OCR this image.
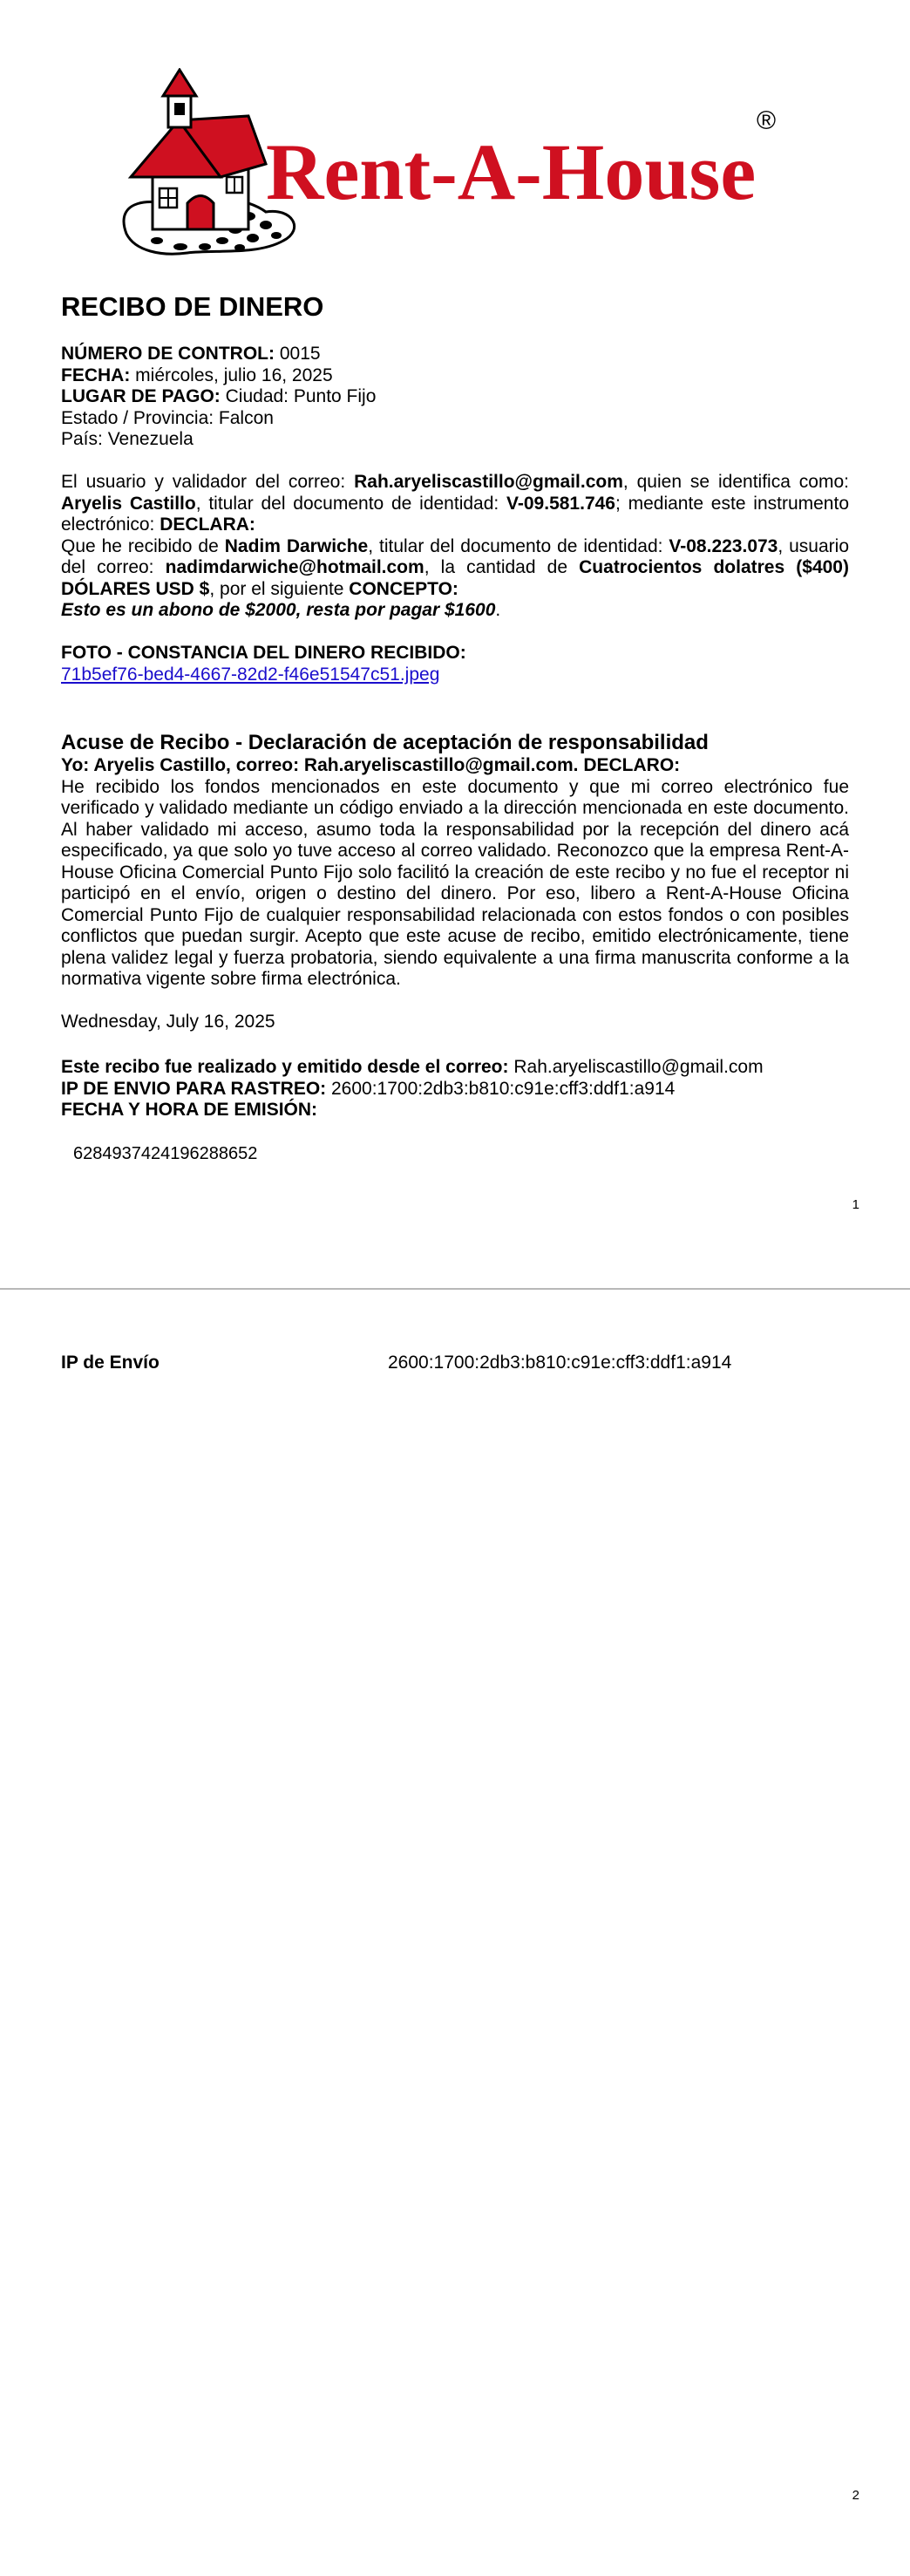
Rent-A-House
®
RECIBO DE DINERO
NÚMERO DE CONTROL: 0015
FECHA: miércoles, julio 16, 2025
LUGAR DE PAGO: Ciudad: Punto Fijo
Estado / Provincia: Falcon
País: Venezuela
El usuario y validador del correo: Rah.aryeliscastillo@gmail.com, quien se identifica como: Aryelis Castillo, titular del documento de identidad: V-09.581.746; mediante este instrumento electrónico: DECLARA:
Que he recibido de Nadim Darwiche, titular del documento de identidad: V-08.223.073, usuario del correo: nadimdarwiche@hotmail.com, la cantidad de Cuatrocientos dolatres ($400) DÓLARES USD $, por el siguiente CONCEPTO:
Esto es un abono de $2000, resta por pagar $1600.
FOTO - CONSTANCIA DEL DINERO RECIBIDO:
71b5ef76-bed4-4667-82d2-f46e51547c51.jpeg
Acuse de Recibo - Declaración de aceptación de responsabilidad
Yo: Aryelis Castillo, correo: Rah.aryeliscastillo@gmail.com. DECLARO:

He recibido los fondos mencionados en este documento y que mi correo electrónico fue verificado y validado mediante un código enviado a la dirección mencionada en este documento. Al haber validado mi acceso, asumo toda la responsabilidad por la recepción del dinero acá especificado, ya que solo yo tuve acceso al correo validado. Reconozco que la empresa Rent-A-House Oficina Comercial Punto Fijo solo facilitó la creación de este recibo y no fue el receptor ni participó en el envío, origen o destino del dinero. Por eso, libero a Rent-A-House Oficina Comercial Punto Fijo de cualquier responsabilidad relacionada con estos fondos o con posibles conflictos que puedan surgir. Acepto que este acuse de recibo, emitido electrónicamente, tiene plena validez legal y fuerza probatoria, siendo equivalente a una firma manuscrita conforme a la normativa vigente sobre firma electrónica.

Wednesday, July 16, 2025
Este recibo fue realizado y emitido desde el correo: Rah.aryeliscastillo@gmail.com
IP DE ENVIO PARA RASTREO: 2600:1700:2db3:b810:c91e:cff3:ddf1:a914
FECHA Y HORA DE EMISIÓN:
6284937424196288652
1
IP de Envío	2600:1700:2db3:b810:c91e:cff3:ddf1:a914
2
